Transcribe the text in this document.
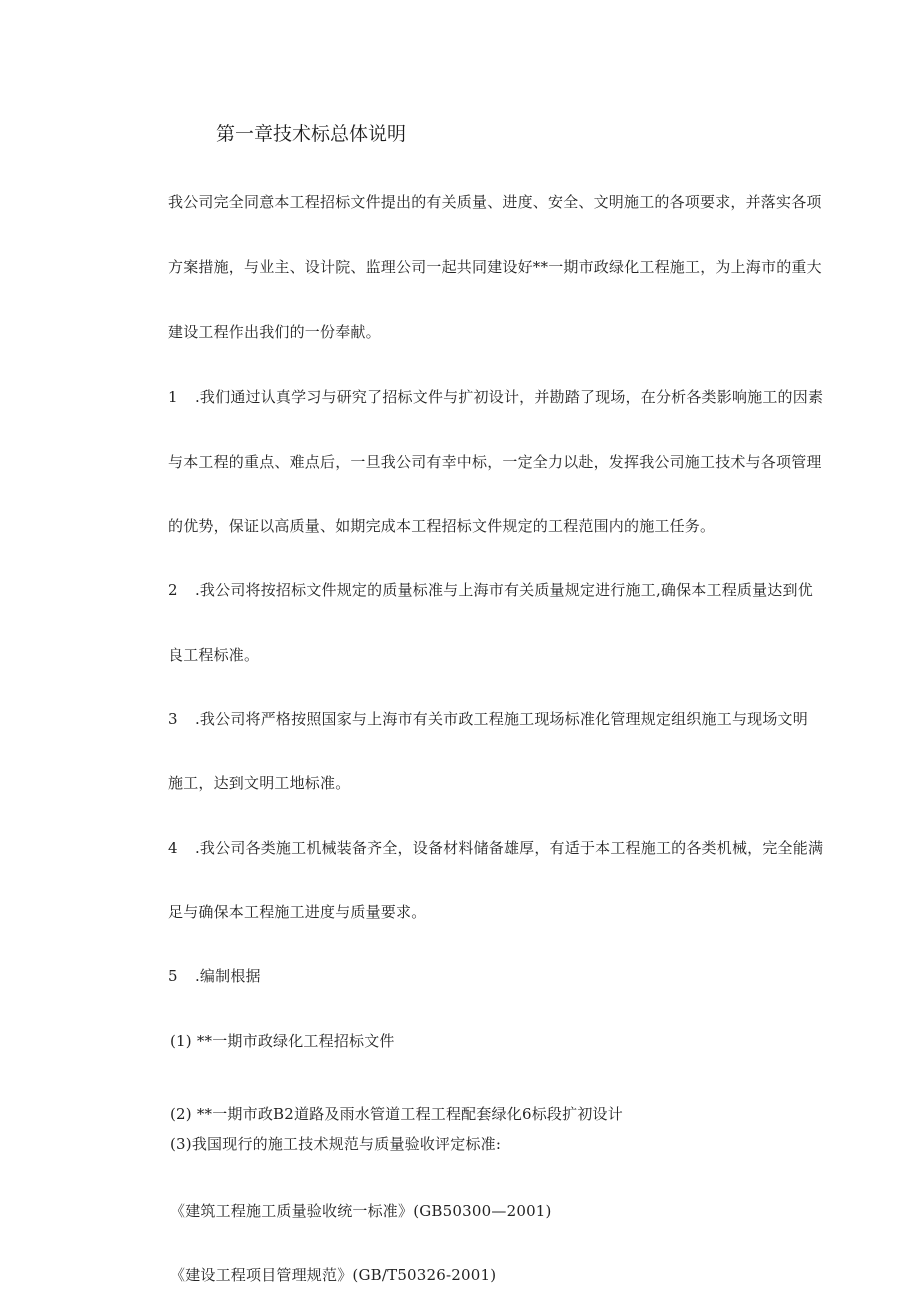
第一章技术标总体说明
我公司完全同意本工程招标文件提出的有关质量、进度、安全、文明施工的各项要求，并落实各项
方案措施，与业主、设计院、监理公司一起共同建设好**一期市政绿化工程施工，为上海市的重大
建设工程作出我们的一份奉献。
1 .我们通过认真学习与研究了招标文件与扩初设计，并勘踏了现场，在分析各类影响施工的因素
与本工程的重点、难点后，一旦我公司有幸中标，一定全力以赴，发挥我公司施工技术与各项管理
的优势，保证以高质量、如期完成本工程招标文件规定的工程范围内的施工任务。
2 .我公司将按招标文件规定的质量标准与上海市有关质量规定进行施工,确保本工程质量达到优
良工程标准。
3 .我公司将严格按照国家与上海市有关市政工程施工现场标准化管理规定组织施工与现场文明
施工，达到文明工地标准。
4 .我公司各类施工机械装备齐全，设备材料储备雄厚，有适于本工程施工的各类机械，完全能满
足与确保本工程施工进度与质量要求。
5 .编制根据
(1) **一期市政绿化工程招标文件
(2) **一期市政B2道路及雨水管道工程工程配套绿化6标段扩初设计
(3)我国现行的施工技术规范与质量验收评定标准:
《建筑工程施工质量验收统一标准》(GB50300—2001)
《建设工程项目管理规范》(GB/T50326-2001)
